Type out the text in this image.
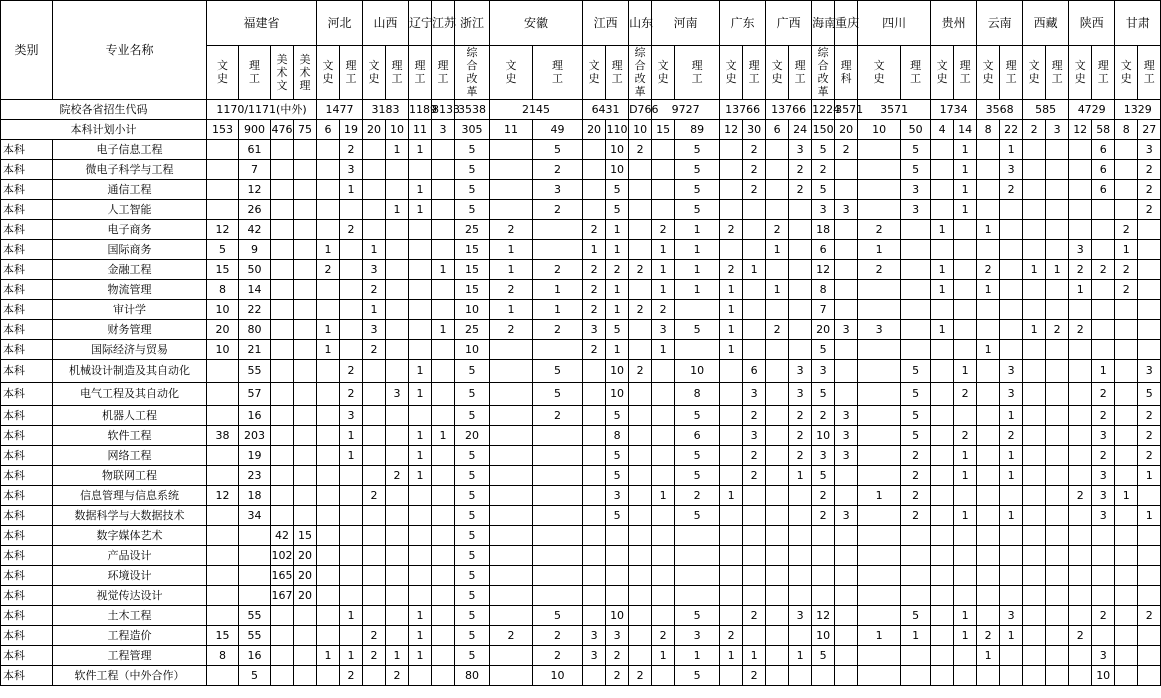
类别	专业名称	福建省				河北		山西		辽宁	江苏	浙江	安徽		江西		山东	河南		广东		广西		海南	重庆	四川		贵州		云南		西藏		陕西		甘肃	
		文史	理工	美术文	美术理	文史	理工	文史	理工	理工	理工	综合改革	文史	理工	文史	理工	综合改革	文史	理工	文史	理工	文史	理工	综合改革	理科	文史	理工	文史	理工	文史	理工	文史	理工	文史	理工	文史	理工
院校各省招生代码		1170/1171(中外)				1477		3183		1189	8133	3538	2145		6431		D766	9727		13766		13766		1224	3571	3571		1734		3568		585		4729		1329	
本科计划小计		153	900	476	75	6	19	20	10	11	3	305	11	49	20	110	10	15	89	12	30	6	24	150	20	10	50	4	14	8	22	2	3	12	58	8	27
本科	电子信息工程		61				2		1	1		5		5		10	2		5		2		3	5	2		5		1		1				6		3
本科	微电子科学与工程		7				3					5		2		10			5		2		2	2			5		1		3				6		2
本科	通信工程		12				1			1		5		3		5			5		2		2	5			3		1		2				6		2
本科	人工智能		26						1	1		5		2		5			5					3	3		3		1								2
本科	电子商务	12	42				2					25	2		2	1		2	1	2		2		18		2		1		1						2	
本科	国际商务	5	9			1		1				15	1		1	1		1	1			1		6		1								3		1	
本科	金融工程	15	50			2		3			1	15	1	2	2	2	2	1	1	2	1			12		2		1		2		1	1	2	2	2	
本科	物流管理	8	14					2				15	2	1	2	1		1	1	1		1		8				1		1				1		2	
本科	审计学	10	22					1				10	1	1	2	1	2	2		1				7													
本科	财务管理	20	80			1		3			1	25	2	2	3	5		3	5	1		2		20	3	3		1				1	2	2			
本科	国际经济与贸易	10	21			1		2				10			2	1		1		1				5						1							
本科	机械设计制造及其自动化		55				2			1		5		5		10	2		10		6		3	3			5		1		3				1		3
本科	电气工程及其自动化		57				2		3	1		5		5		10			8		3		3	5			5		2		3				2		5
本科	机器人工程		16				3					5		2		5			5		2		2	2	3		5				1				2		2
本科	软件工程	38	203				1			1	1	20				8			6		3		2	10	3		5		2		2				3		2
本科	网络工程		19				1			1		5				5			5		2		2	3	3		2		1		1				2		2
本科	物联网工程		23						2	1		5				5			5		2		1	5			2		1		1				3		1
本科	信息管理与信息系统	12	18					2				5				3		1	2	1				2		1	2							2	3	1	
本科	数据科学与大数据技术		34									5				5			5					2	3		2		1		1				3		1
本科	数字媒体艺术			42	15							5																									
本科	产品设计			102	20							5																									
本科	环境设计			165	20							5																									
本科	视觉传达设计			167	20							5																									
本科	土木工程		55				1			1		5		5		10			5		2		3	12			5		1		3				2		2
本科	工程造价	15	55					2		1		5	2	2	3	3		2	3	2				10		1	1		1	2	1			2			
本科	工程管理	8	16			1	1	2	1	1		5		2	3	2		1	1	1	1		1	5						1					3		
本科	软件工程（中外合作）		5				2		2			80		10		2	2		5		2														10		
